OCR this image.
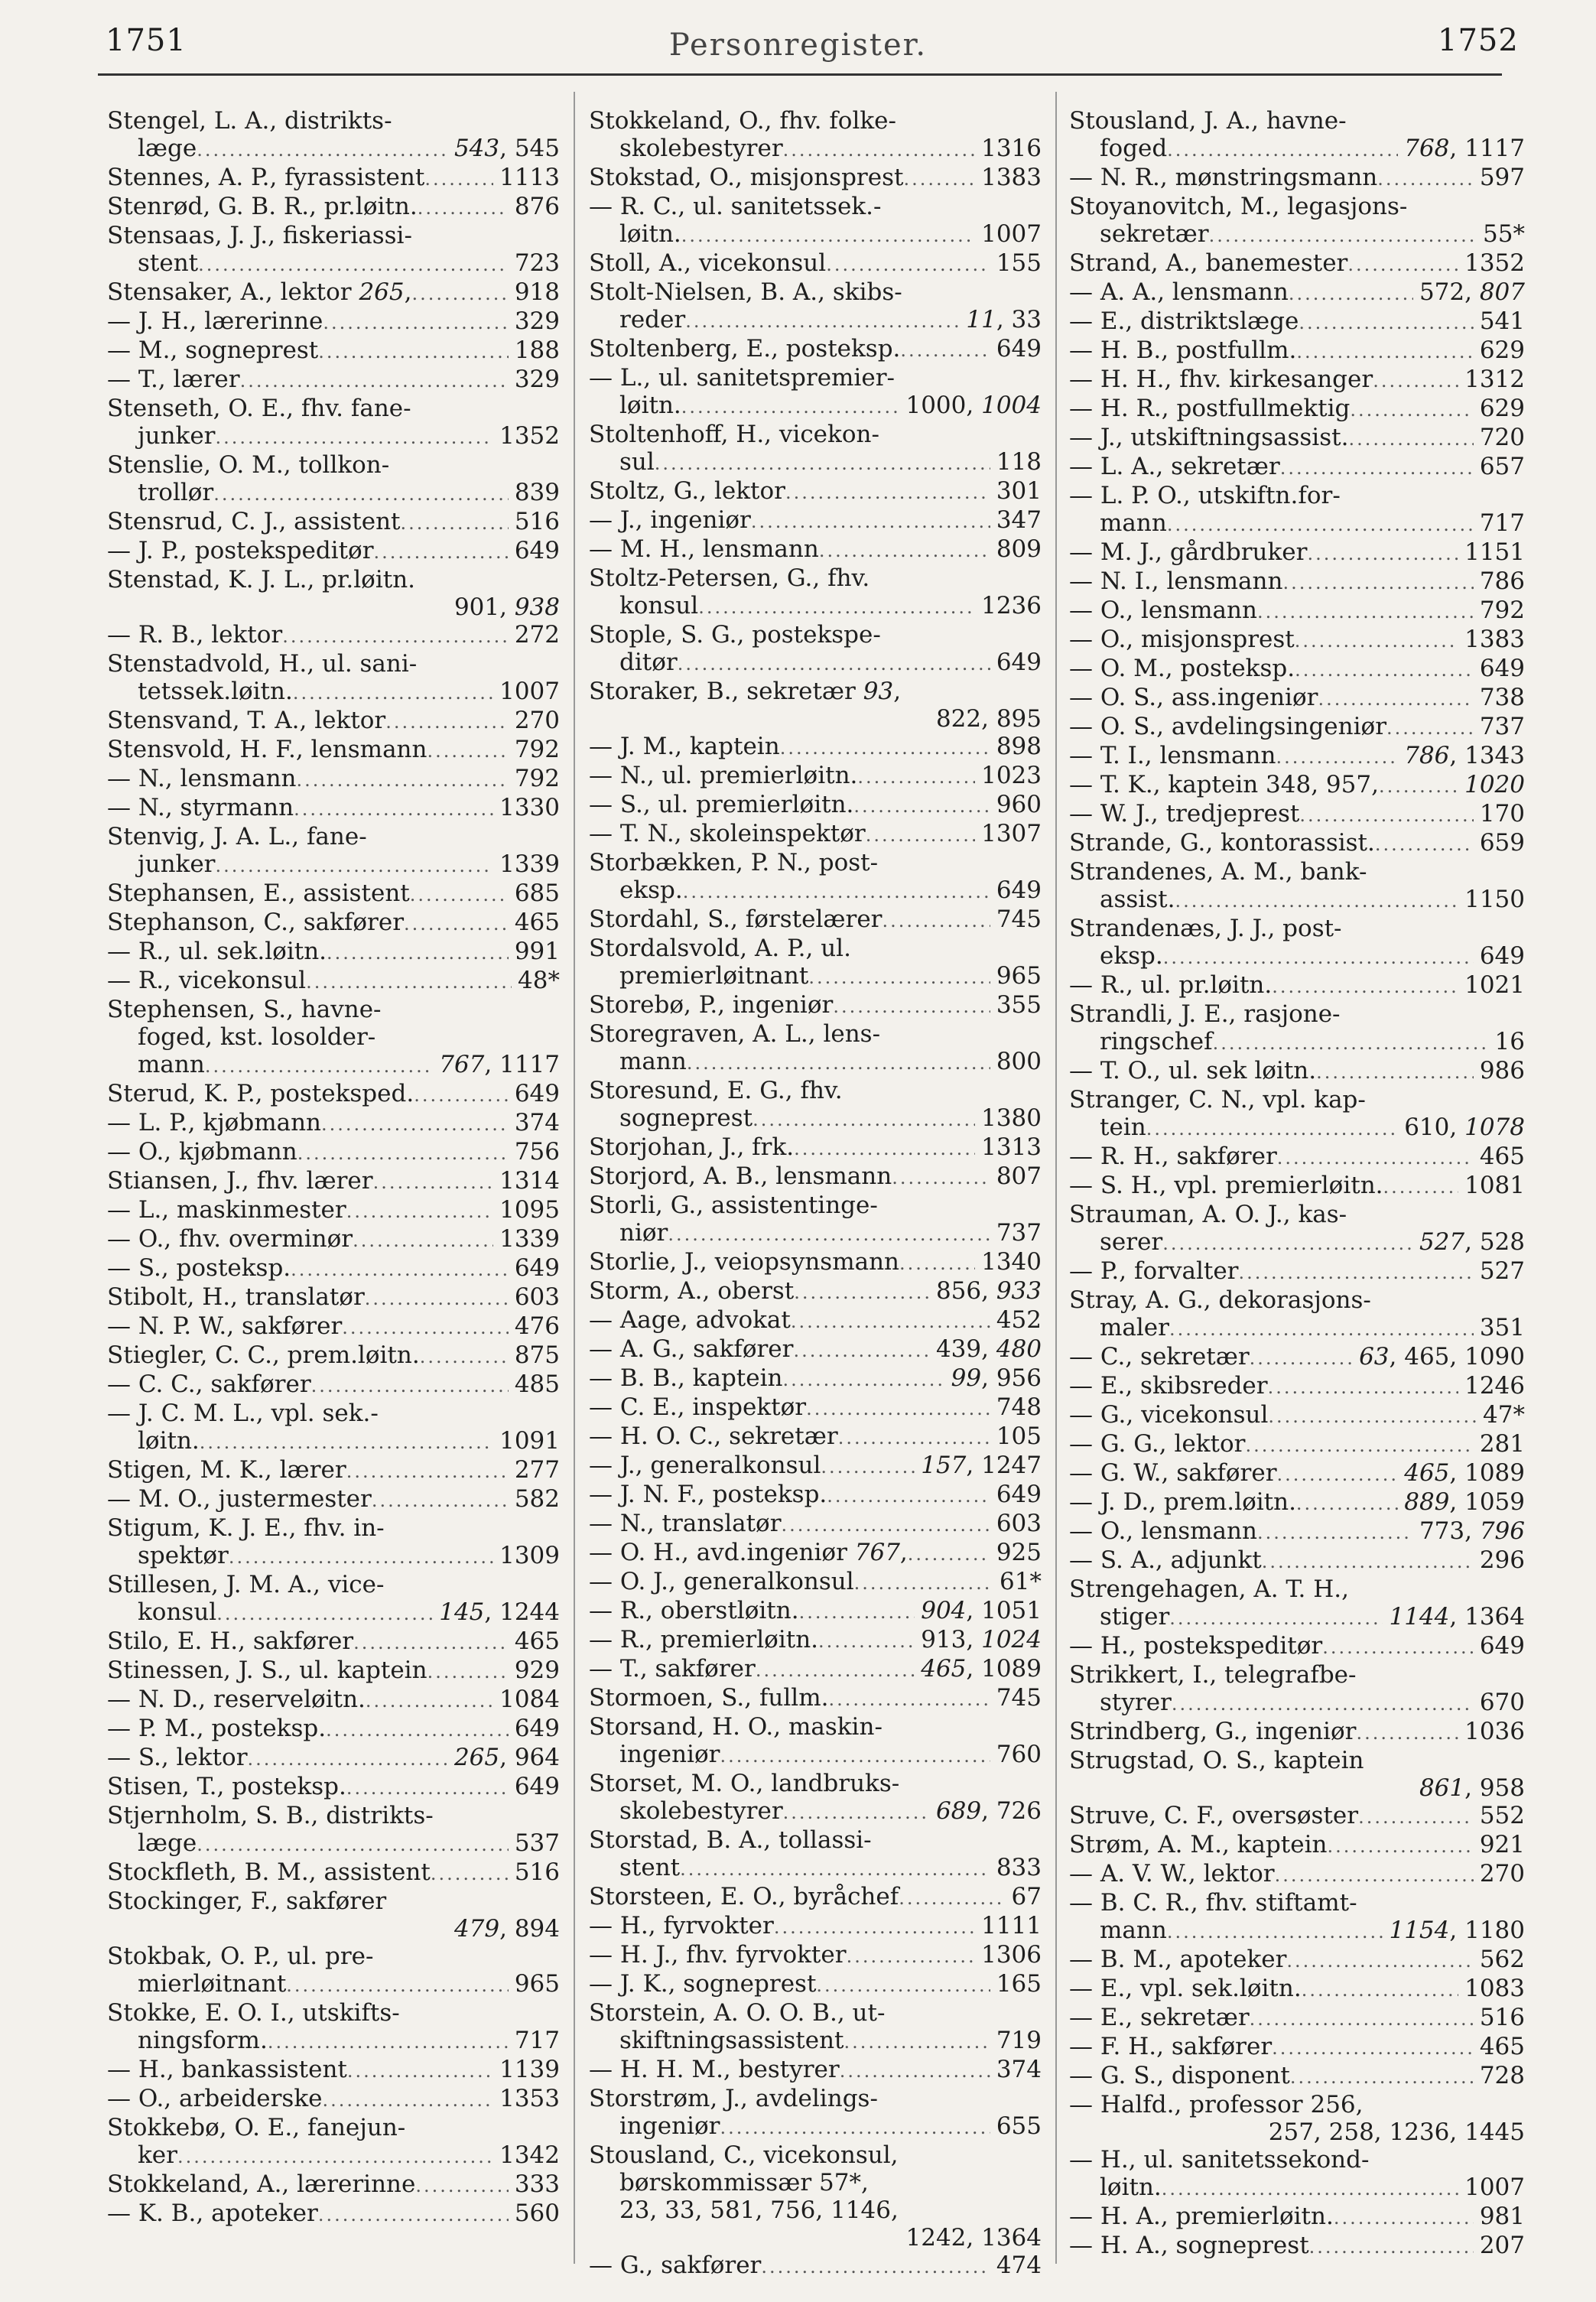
1751	Personregister.	1752
Stengel, L. A., distrikts-
læge .....	543, 545
Stennes, A. P., fyrassistent .....	1113
Stenrød, G. B. R., pr.løitn. .....	876
Stensaas, J. J., fiskeriassi-
stent .....	723
Stensaker, A., lektor 265, .....	918
— J. H., lærerinne .....	329
— M., sogneprest .....	188
— T., lærer .....	329
Stenseth, O. E., fhv. fane-
junker .....	1352
Stenslie, O. M., tollkon-
trollør .....	839
Stensrud, C. J., assistent .....	516
— J. P., postekspeditør .....	649
Stenstad, K. J. L., pr.løitn.
901, 938
— R. B., lektor .....	272
Stenstadvold, H., ul. sani-
tetssek.løitn. .....	1007
Stensvand, T. A., lektor .....	270
Stensvold, H. F., lensmann .....	792
— N., lensmann .....	792
— N., styrmann .....	1330
Stenvig, J. A. L., fane-
junker .....	1339
Stephansen, E., assistent .....	685
Stephanson, C., sakfører .....	465
— R., ul. sek.løitn. .....	991
— R., vicekonsul .....	48*
Stephensen, S., havne-
foged, kst. losolder-
mann .....	767, 1117
Sterud, K. P., posteksped. .....	649
— L. P., kjøbmann .....	374
— O., kjøbmann .....	756
Stiansen, J., fhv. lærer .....	1314
— L., maskinmester .....	1095
— O., fhv. overminør .....	1339
— S., posteksp. .....	649
Stibolt, H., translatør .....	603
— N. P. W., sakfører .....	476
Stiegler, C. C., prem.løitn. .....	875
— C. C., sakfører .....	485
— J. C. M. L., vpl. sek.-
løitn. .....	1091
Stigen, M. K., lærer .....	277
— M. O., justermester .....	582
Stigum, K. J. E., fhv. in-
spektør .....	1309
Stillesen, J. M. A., vice-
konsul .....	145, 1244
Stilo, E. H., sakfører .....	465
Stinessen, J. S., ul. kaptein .....	929
— N. D., reserveløitn. .....	1084
— P. M., posteksp. .....	649
— S., lektor .....	265, 964
Stisen, T., posteksp. .....	649
Stjernholm, S. B., distrikts-
læge .....	537
Stockfleth, B. M., assistent .....	516
Stockinger, F., sakfører
479, 894
Stokbak, O. P., ul. pre-
mierløitnant .....	965
Stokke, E. O. I., utskifts-
ningsform. .....	717
— H., bankassistent .....	1139
— O., arbeiderske .....	1353
Stokkebø, O. E., fanejun-
ker .....	1342
Stokkeland, A., lærerinne .....	333
— K. B., apoteker .....	560
Stokkeland, O., fhv. folke-
skolebestyrer .....	1316
Stokstad, O., misjonsprest .....	1383
— R. C., ul. sanitetssek.-
løitn. .....	1007
Stoll, A., vicekonsul .....	155
Stolt-Nielsen, B. A., skibs-
reder .....	11, 33
Stoltenberg, E., posteksp. .....	649
— L., ul. sanitetspremier-
løitn. .....	1000, 1004
Stoltenhoff, H., vicekon-
sul .....	118
Stoltz, G., lektor .....	301
— J., ingeniør .....	347
— M. H., lensmann .....	809
Stoltz-Petersen, G., fhv.
konsul .....	1236
Stople, S. G., postekspe-
ditør .....	649
Storaker, B., sekretær 93,
822, 895
— J. M., kaptein .....	898
— N., ul. premierløitn. .....	1023
— S., ul. premierløitn. .....	960
— T. N., skoleinspektør .....	1307
Storbækken, P. N., post-
eksp. .....	649
Stordahl, S., førstelærer .....	745
Stordalsvold, A. P., ul.
premierløitnant .....	965
Storebø, P., ingeniør .....	355
Storegraven, A. L., lens-
mann .....	800
Storesund, E. G., fhv.
sogneprest .....	1380
Storjohan, J., frk. .....	1313
Storjord, A. B., lensmann .....	807
Storli, G., assistentinge-
niør .....	737
Storlie, J., veiopsynsmann .....	1340
Storm, A., oberst .....	856, 933
— Aage, advokat .....	452
— A. G., sakfører .....	439, 480
— B. B., kaptein .....	99, 956
— C. E., inspektør .....	748
— H. O. C., sekretær .....	105
— J., generalkonsul .....	157, 1247
— J. N. F., posteksp. .....	649
— N., translatør .....	603
— O. H., avd.ingeniør 767, .....	925
— O. J., generalkonsul .....	61*
— R., oberstløitn. .....	904, 1051
— R., premierløitn. .....	913, 1024
— T., sakfører .....	465, 1089
Stormoen, S., fullm. .....	745
Storsand, H. O., maskin-
ingeniør .....	760
Storset, M. O., landbruks-
skolebestyrer .....	689, 726
Storstad, B. A., tollassi-
stent .....	833
Storsteen, E. O., byråchef .....	67
— H., fyrvokter .....	1111
— H. J., fhv. fyrvokter .....	1306
— J. K., sogneprest .....	165
Storstein, A. O. O. B., ut-
skiftningsassistent .....	719
— H. H. M., bestyrer .....	374
Storstrøm, J., avdelings-
ingeniør .....	655
Stousland, C., vicekonsul,
børskommissær 57*,
23, 33, 581, 756, 1146,
1242, 1364
— G., sakfører .....	474
Stousland, J. A., havne-
foged .....	768, 1117
— N. R., mønstringsmann .....	597
Stoyanovitch, M., legasjons-
sekretær .....	55*
Strand, A., banemester .....	1352
— A. A., lensmann .....	572, 807
— E., distriktslæge .....	541
— H. B., postfullm. .....	629
— H. H., fhv. kirkesanger .....	1312
— H. R., postfullmektig .....	629
— J., utskiftningsassist. .....	720
— L. A., sekretær .....	657
— L. P. O., utskiftn.for-
mann .....	717
— M. J., gårdbruker .....	1151
— N. I., lensmann .....	786
— O., lensmann .....	792
— O., misjonsprest .....	1383
— O. M., posteksp. .....	649
— O. S., ass.ingeniør .....	738
— O. S., avdelingsingeniør .....	737
— T. I., lensmann .....	786, 1343
— T. K., kaptein 348, 957, .....	1020
— W. J., tredjeprest .....	170
Strande, G., kontorassist. .....	659
Strandenes, A. M., bank-
assist. .....	1150
Strandenæs, J. J., post-
eksp. .....	649
— R., ul. pr.løitn. .....	1021
Strandli, J. E., rasjone-
ringschef .....	16
— T. O., ul. sek løitn. .....	986
Stranger, C. N., vpl. kap-
tein .....	610, 1078
— R. H., sakfører .....	465
— S. H., vpl. premierløitn. .....	1081
Strauman, A. O. J., kas-
serer .....	527, 528
— P., forvalter .....	527
Stray, A. G., dekorasjons-
maler .....	351
— C., sekretær .....	63, 465, 1090
— E., skibsreder .....	1246
— G., vicekonsul .....	47*
— G. G., lektor .....	281
— G. W., sakfører .....	465, 1089
— J. D., prem.løitn. .....	889, 1059
— O., lensmann .....	773, 796
— S. A., adjunkt .....	296
Strengehagen, A. T. H.,
stiger .....	1144, 1364
— H., postekspeditør .....	649
Strikkert, I., telegrafbe-
styrer .....	670
Strindberg, G., ingeniør .....	1036
Strugstad, O. S., kaptein
861, 958
Struve, C. F., oversøster .....	552
Strøm, A. M., kaptein .....	921
— A. V. W., lektor .....	270
— B. C. R., fhv. stiftamt-
mann .....	1154, 1180
— B. M., apoteker .....	562
— E., vpl. sek.løitn. .....	1083
— E., sekretær .....	516
— F. H., sakfører .....	465
— G. S., disponent .....	728
— Halfd., professor 256,
257, 258, 1236, 1445
— H., ul. sanitetssekond-
løitn. .....	1007
— H. A., premierløitn. .....	981
— H. A., sogneprest .....	207
